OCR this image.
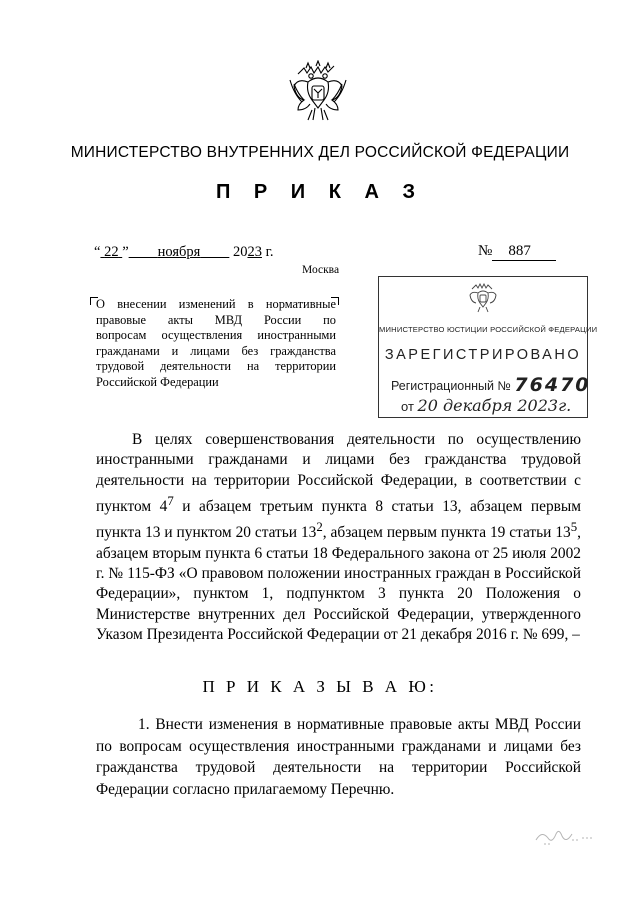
МИНИСТЕРСТВО ВНУТРЕННИХ ДЕЛ РОССИЙСКОЙ ФЕДЕРАЦИИ
П Р И К А З
“ 22 ” ноября 2023 г.	№ 887
Москва
О внесении изменений в нормативные
правовые акты МВД России по
вопросам осуществления иностранными
гражданами и лицами без гражданства
трудовой деятельности на территории
Российской Федерации
МИНИСТЕРСТВО ЮСТИЦИИ РОССИЙСКОЙ ФЕДЕРАЦИИ
ЗАРЕГИСТРИРОВАНО
Регистрационный № 76470
от 20 декабря 2023г.

В целях совершенствования деятельности по осуществлению иностранными гражданами и лицами без гражданства трудовой деятельности на территории Российской Федерации, в соответствии с пунктом $4^7$ и абзацем третьим пункта 8 статьи 13, абзацем первым пункта 13 и пунктом 20 статьи $13^2$, абзацем первым пункта 19 статьи $13^5$, абзацем вторым пункта 6 статьи 18 Федерального закона от 25 июля 2002 г. № 115-ФЗ «О правовом положении иностранных граждан в Российской Федерации», пунктом 1, подпунктом 3 пункта 20 Положения о Министерстве внутренних дел Российской Федерации, утвержденного Указом Президента Российской Федерации от 21 декабря 2016 г. № 699, –

П Р И К А З Ы В А Ю:

1. Внести изменения в нормативные правовые акты МВД России по вопросам осуществления иностранными гражданами и лицами без гражданства трудовой деятельности на территории Российской Федерации согласно прилагаемому Перечню.
